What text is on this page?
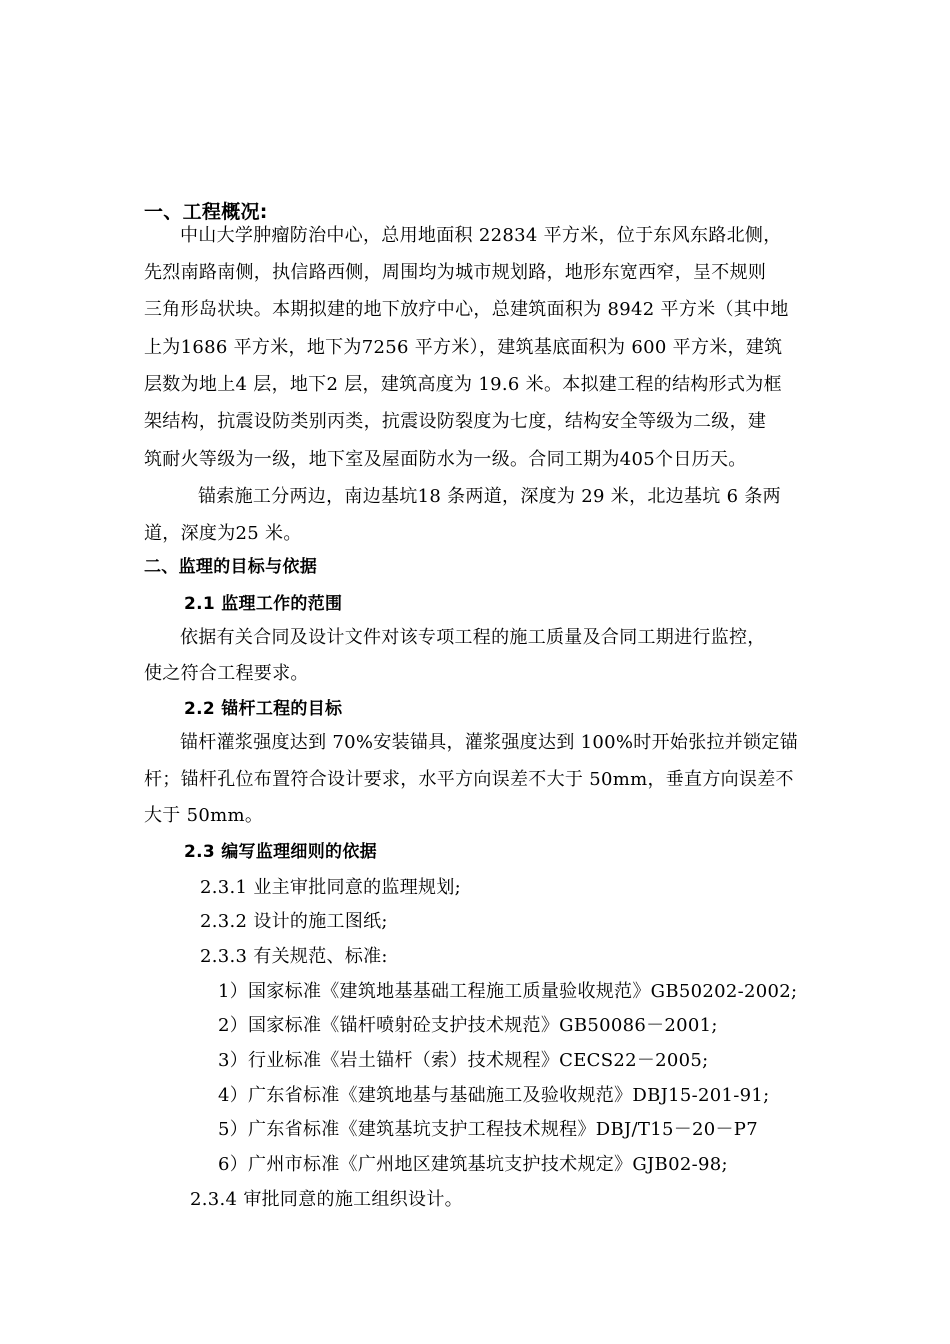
一、工程概况:
中山大学肿瘤防治中心，总用地面积 22834 平方米，位于东风东路北侧，
先烈南路南侧，执信路西侧，周围均为城市规划路，地形东宽西窄，呈不规则
三角形岛状块。本期拟建的地下放疗中心，总建筑面积为 8942 平方米（其中地
上为1686 平方米，地下为7256 平方米），建筑基底面积为 600 平方米，建筑
层数为地上4 层，地下2 层，建筑高度为 19.6 米。本拟建工程的结构形式为框
架结构，抗震设防类别丙类，抗震设防裂度为七度，结构安全等级为二级，建
筑耐火等级为一级，地下室及屋面防水为一级。合同工期为405个日历天。
锚索施工分两边，南边基坑18 条两道，深度为 29 米，北边基坑 6 条两
道，深度为25 米。
二、监理的目标与依据
2.1 监理工作的范围
依据有关合同及设计文件对该专项工程的施工质量及合同工期进行监控，
使之符合工程要求。
2.2 锚杆工程的目标
锚杆灌浆强度达到 70%安装锚具，灌浆强度达到 100%时开始张拉并锁定锚
杆；锚杆孔位布置符合设计要求，水平方向误差不大于 50mm，垂直方向误差不
大于 50mm。
2.3 编写监理细则的依据
2.3.1 业主审批同意的监理规划;
2.3.2 设计的施工图纸;
2.3.3 有关规范、标准:
1）国家标准《建筑地基基础工程施工质量验收规范》GB50202-2002;
2）国家标准《锚杆喷射砼支护技术规范》GB50086－2001;
3）行业标准《岩土锚杆（索）技术规程》CECS22－2005;
4）广东省标准《建筑地基与基础施工及验收规范》DBJ15-201-91;
5）广东省标准《建筑基坑支护工程技术规程》DBJ/T15－20－P7
6）广州市标准《广州地区建筑基坑支护技术规定》GJB02-98;
2.3.4 审批同意的施工组织设计。
